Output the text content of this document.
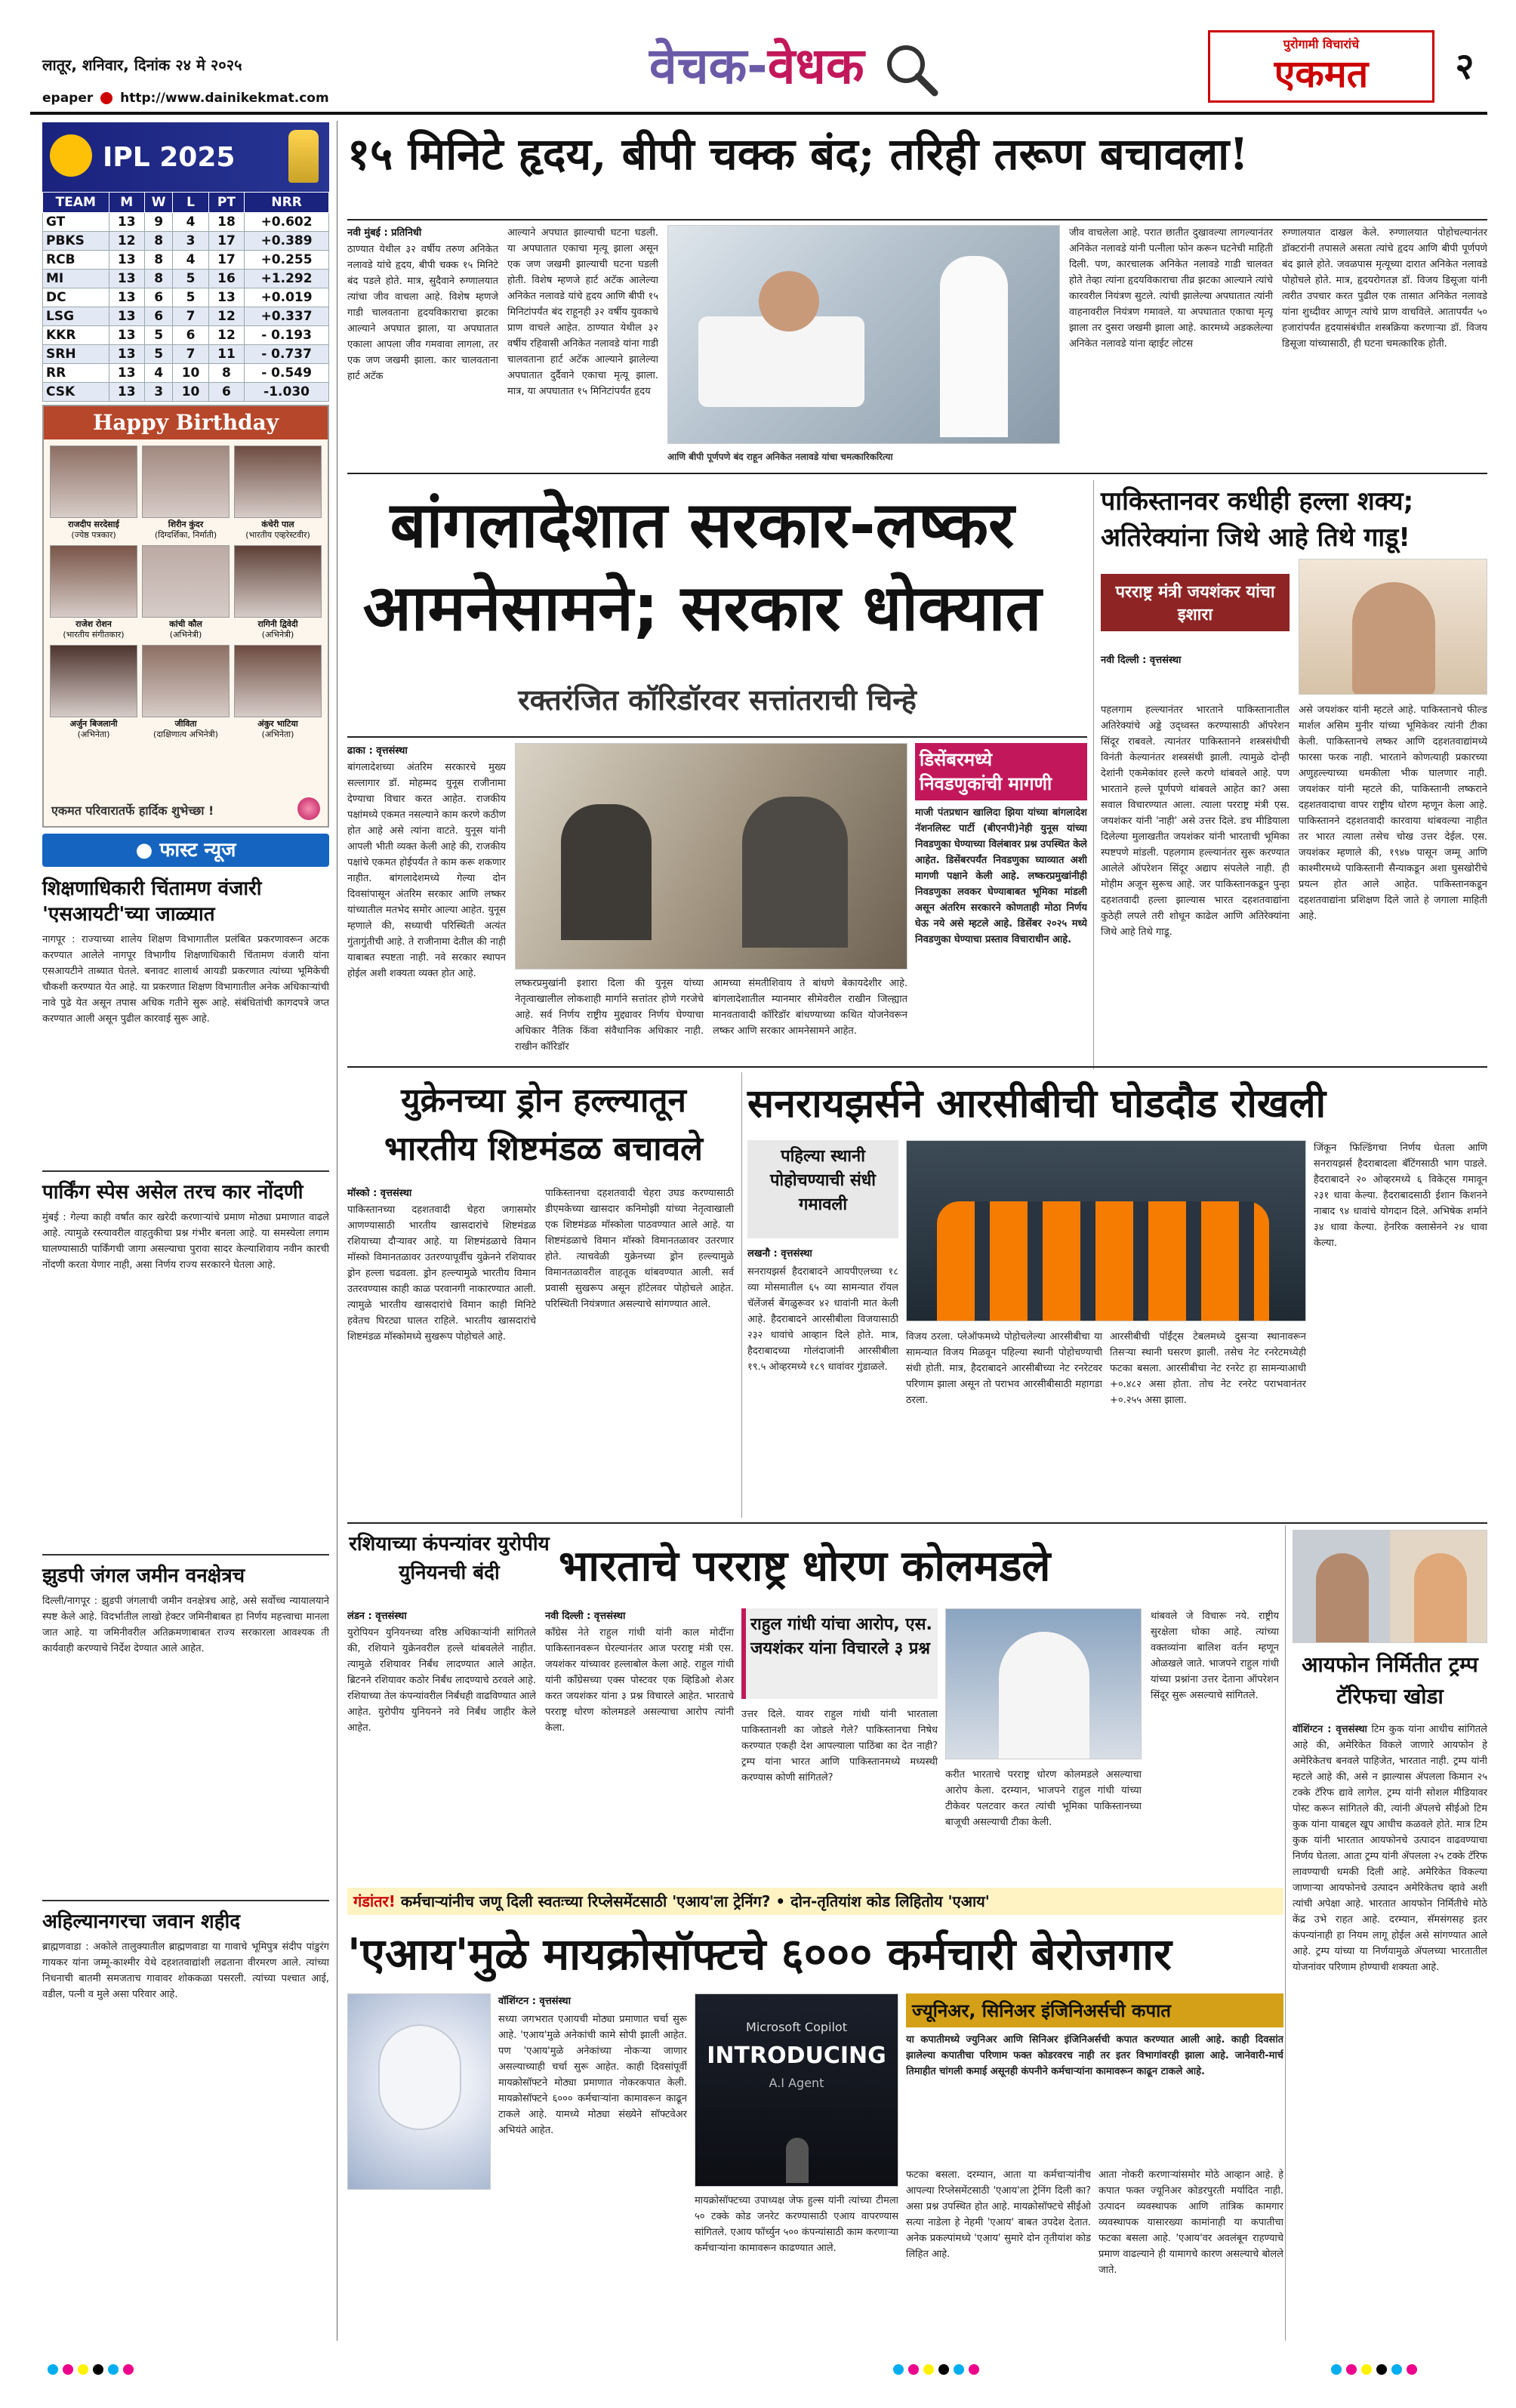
लातूर, शनिवार, दिनांक २४ मे २०२५
epaper http://www.dainikekmat.com
वेचक-वेधक	पुरोगामी विचारांचे
एकमत	२
IPL 2025
TEAM	M	W	L	PT	NRR
GT	13	9	4	18	+0.602
PBKS	12	8	3	17	+0.389
RCB	13	8	4	17	+0.255
MI	13	8	5	16	+1.292
DC	13	6	5	13	+0.019
LSG	13	6	7	12	+0.337
KKR	13	5	6	12	- 0.193
SRH	13	5	7	11	- 0.737
RR	13	4	10	8	- 0.549
CSK	13	3	10	6	-1.030
Happy Birthday
राजदीप सरदेसाई
(ज्येष्ठ पत्रकार)
शिरीन कुंदर
(दिग्दर्शिका, निर्माती)
कंचेरी पाल
(भारतीय एव्हरेस्टवीर)
राजेश रोशन
(भारतीय संगीतकार)
कांची कौल
(अभिनेत्री)
रागिनी द्विवेदी
(अभिनेत्री)
अर्जुन बिजलानी
(अभिनेता)
जीविता
(दाक्षिणात्य अभिनेत्री)
अंकुर भाटिया
(अभिनेता)
एकमत परिवारातर्फे हार्दिक शुभेच्छा !
● फास्ट न्यूज
शिक्षणाधिकारी चिंतामण वंजारी 'एसआयटी'च्या जाळ्यात
नागपूर : राज्याच्या शालेय शिक्षण विभागातील प्रलंबित प्रकरणावरून अटक करण्यात आलेले नागपूर विभागीय शिक्षणाधिकारी चिंतामण वंजारी यांना एसआयटीने ताब्यात घेतले. बनावट शालार्थ आयडी प्रकरणात त्यांच्या भूमिकेची चौकशी करण्यात येत आहे. या प्रकरणात शिक्षण विभागातील अनेक अधिकाऱ्यांची नावे पुढे येत असून तपास अधिक गतीने सुरू आहे. संबंधितांची कागदपत्रे जप्त करण्यात आली असून पुढील कारवाई सुरू आहे.
पार्किंग स्पेस असेल तरच कार नोंदणी
मुंबई : गेल्या काही वर्षांत कार खरेदी करणाऱ्यांचे प्रमाण मोठ्या प्रमाणात वाढले आहे. त्यामुळे रस्त्यावरील वाहतुकीचा प्रश्न गंभीर बनला आहे. या समस्येला लगाम घालण्यासाठी पार्किंगची जागा असल्याचा पुरावा सादर केल्याशिवाय नवीन कारची नोंदणी करता येणार नाही, असा निर्णय राज्य सरकारने घेतला आहे.
झुडपी जंगल जमीन वनक्षेत्रच
दिल्ली/नागपूर : झुडपी जंगलाची जमीन वनक्षेत्रच आहे, असे सर्वोच्च न्यायालयाने स्पष्ट केले आहे. विदर्भातील लाखो हेक्टर जमिनीबाबत हा निर्णय महत्त्वाचा मानला जात आहे. या जमिनीवरील अतिक्रमणाबाबत राज्य सरकारला आवश्यक ती कार्यवाही करण्याचे निर्देश देण्यात आले आहेत.
अहिल्यानगरचा जवान शहीद
ब्राह्मणवाडा : अकोले तालुक्यातील ब्राह्मणवाडा या गावाचे भूमिपुत्र संदीप पांडुरंग गायकर यांना जम्मू-काश्मीर येथे दहशतवाद्यांशी लढताना वीरमरण आले. त्यांच्या निधनाची बातमी समजताच गावावर शोककळा पसरली. त्यांच्या पश्चात आई, वडील, पत्नी व मुले असा परिवार आहे.
१५ मिनिटे हृदय, बीपी चक्क बंद; तरिही तरूण बचावला!
नवी मुंबई : प्रतिनिधी
ठाण्यात येथील ३२ वर्षीय तरुण अनिकेत नलावडे यांचे हृदय, बीपी चक्क १५ मिनिटे बंद पडले होते. मात्र, सुदैवाने रुग्णालयात त्यांचा जीव वाचला आहे. विशेष म्हणजे गाडी चालवताना हृदयविकाराचा झटका आल्याने अपघात झाला, या अपघातात एकाला आपला जीव गमवावा लागला, तर एक जण जखमी झाला. कार चालवताना हार्ट अटॅक
आल्याने अपघात झाल्याची घटना घडली. या अपघातात एकाचा मृत्यू झाला असून एक जण जखमी झाल्याची घटना घडली होती. विशेष म्हणजे हार्ट अटॅक आलेल्या अनिकेत नलावडे यांचे हृदय आणि बीपी १५ मिनिटांपर्यंत बंद राहूनही ३२ वर्षीय युवकाचे प्राण वाचले आहेत. ठाण्यात येथील ३२ वर्षीय रहिवासी अनिकेत नलावडे यांना गाडी चालवताना हार्ट अटॅक आल्याने झालेल्या अपघातात दुर्दैवाने एकाचा मृत्यू झाला. मात्र, या अपघातात १५ मिनिटांपर्यंत हृदय
आणि बीपी पूर्णपणे बंद राहून अनिकेत नलावडे यांचा चमत्कारिकरित्या
जीव वाचलेला आहे. परात छातीत दुखावल्या लागल्यानंतर अनिकेत नलावडे यांनी पत्नीला फोन करून घटनेची माहिती दिली. पण, कारचालक अनिकेत नलावडे गाडी चालवत होते तेव्हा त्यांना हृदयविकाराचा तीव्र झटका आल्याने त्यांचे कारवरील नियंत्रण सुटले. त्यांची झालेल्या अपघातात त्यांनी वाहनावरील नियंत्रण गमावले. या अपघातात एकाचा मृत्यू झाला तर दुसरा जखमी झाला आहे. कारमध्ये अडकलेल्या अनिकेत नलावडे यांना व्हाईट लोटस
रुग्णालयात दाखल केले. रुग्णालयात पोहोचल्यानंतर डॉक्टरांनी तपासले असता त्यांचे हृदय आणि बीपी पूर्णपणे बंद झाले होते. जवळपास मृत्यूच्या दारात अनिकेत नलावडे पोहोचले होते. मात्र, हृदयरोगतज्ञ डॉ. विजय डिसूजा यांनी त्वरीत उपचार करत पुढील एक तासात अनिकेत नलावडे यांना शुध्दीवर आणून त्यांचे प्राण वाचविले. आतापर्यंत ५० हजारांपर्यंत हृदयासंबंधीत शस्त्रक्रिया करणाऱ्या डॉ. विजय डिसूजा यांच्यासाठी, ही घटना चमत्कारिक होती.
बांगलादेशात सरकार-लष्कर
आमनेसामने; सरकार धोक्यात
रक्तरंजित कॉरिडॉरवर सत्तांतराची चिन्हे
ढाका : वृत्तसंस्था
बांगलादेशच्या अंतरिम सरकारचे मुख्य सल्लागार डॉ. मोहम्मद युनूस राजीनामा देण्याचा विचार करत आहेत. राजकीय पक्षांमध्ये एकमत नसल्याने काम करणे कठीण होत आहे असे त्यांना वाटते. युनूस यांनी आपली भीती व्यक्त केली आहे की, राजकीय पक्षांचे एकमत होईपर्यंत ते काम करू शकणार नाहीत. बांगलादेशमध्ये गेल्या दोन दिवसांपासून अंतरिम सरकार आणि लष्कर यांच्यातील मतभेद समोर आल्या आहेत. युनूस म्हणाले की, सध्याची परिस्थिती अत्यंत गुंतागुंतीची आहे. ते राजीनामा देतील की नाही याबाबत स्पष्टता नाही. नवे सरकार स्थापन होईल अशी शक्यता व्यक्त होत आहे.
लष्करप्रमुखांनी इशारा दिला की युनूस यांच्या नेतृत्वाखालील लोकशाही मार्गाने सत्तांतर होणे गरजेचे आहे. सर्व निर्णय राष्ट्रीय मुद्द्यावर निर्णय घेण्याचा अधिकार नैतिक किंवा संवैधानिक अधिकार नाही. राखीन कॉरिडॉर
आमच्या संमतीशिवाय ते बांधणे बेकायदेशीर आहे. बांगलादेशातील म्यानमार सीमेवरील राखीन जिल्ह्यात मानवतावादी कॉरिडॉर बांधण्याच्या कथित योजनेवरून लष्कर आणि सरकार आमनेसामने आहेत.
डिसेंबरमध्ये
निवडणुकांची मागणी
माजी पंतप्रधान खालिदा झिया यांच्या बांगलादेश नॅशनलिस्ट पार्टी (बीएनपी)नेही युनूस यांच्या निवडणुका घेण्याच्या विलंबावर प्रश्न उपस्थित केले आहेत. डिसेंबरपर्यंत निवडणुका घ्याव्यात अशी मागणी पक्षाने केली आहे. लष्करप्रमुखांनीही निवडणुका लवकर घेण्याबाबत भूमिका मांडली असून अंतरिम सरकारने कोणताही मोठा निर्णय घेऊ नये असे म्हटले आहे. डिसेंबर २०२५ मध्ये निवडणुका घेण्याचा प्रस्ताव विचाराधीन आहे.
पाकिस्तानवर कधीही हल्ला शक्य; अतिरेक्यांना जिथे आहे तिथे गाडू!
परराष्ट्र मंत्री जयशंकर यांचा इशारा
नवी दिल्ली : वृत्तसंस्था
पहलगाम हल्ल्यानंतर भारताने पाकिस्तानातील अतिरेक्यांचे अड्डे उद्ध्वस्त करण्यासाठी ऑपरेशन सिंदूर राबवले. त्यानंतर पाकिस्तानने शस्त्रसंधीची विनंती केल्यानंतर शस्त्रसंधी झाली. त्यामुळे दोन्ही देशांनी एकमेकांवर हल्ले करणे थांबवले आहे. पण भारताने हल्ले पूर्णपणे थांबवले आहेत का? असा सवाल विचारण्यात आला. त्याला परराष्ट्र मंत्री एस. जयशंकर यांनी 'नाही' असे उत्तर दिले. डच मीडियाला दिलेल्या मुलाखतीत जयशंकर यांनी भारताची भूमिका स्पष्टपणे मांडली. पहलगाम हल्ल्यानंतर सुरू करण्यात आलेले ऑपरेशन सिंदूर अद्याप संपलेले नाही. ही मोहीम अजून सुरूच आहे. जर पाकिस्तानकडून पुन्हा दहशतवादी हल्ला झाल्यास भारत दहशतवाद्यांना कुठेही लपले तरी शोधून काढेल आणि अतिरेक्यांना जिथे आहे तिथे गाडू.
असे जयशंकर यांनी म्हटले आहे. पाकिस्तानचे फील्ड मार्शल असिम मुनीर यांच्या भूमिकेवर त्यांनी टीका केली. पाकिस्तानचे लष्कर आणि दहशतवाद्यांमध्ये फारसा फरक नाही. भारताने कोणत्याही प्रकारच्या अणुहल्ल्याच्या धमकीला भीक घालणार नाही. जयशंकर यांनी म्हटले की, पाकिस्तानी लष्कराने दहशतवादाचा वापर राष्ट्रीय धोरण म्हणून केला आहे. पाकिस्तानने दहशतवादी कारवाया थांबवल्या नाहीत तर भारत त्याला तसेच चोख उत्तर देईल. एस. जयशंकर म्हणाले की, १९४७ पासून जम्मू आणि काश्मीरमध्ये पाकिस्तानी सैन्याकडून अशा घुसखोरीचे प्रयत्न होत आले आहेत. पाकिस्तानकडून दहशतवाद्यांना प्रशिक्षण दिले जाते हे जगाला माहिती आहे.
युक्रेनच्या ड्रोन हल्ल्यातून
भारतीय शिष्टमंडळ बचावले
मॉस्को : वृत्तसंस्था
पाकिस्तानच्या दहशतवादी चेहरा जगासमोर आणण्यासाठी भारतीय खासदारांचे शिष्टमंडळ रशियाच्या दौऱ्यावर आहे. या शिष्टमंडळाचे विमान मॉस्को विमानतळावर उतरण्यापूर्वीच युक्रेनने रशियावर ड्रोन हल्ला चढवला. ड्रोन हल्ल्यामुळे भारतीय विमान उतरवण्यास काही काळ परवानगी नाकारण्यात आली. त्यामुळे भारतीय खासदारांचे विमान काही मिनिटे हवेतच घिरट्या घालत राहिले. भारतीय खासदारांचे शिष्टमंडळ मॉस्कोमध्ये सुखरूप पोहोचले आहे.
पाकिस्तानचा दहशतवादी चेहरा उघड करण्यासाठी डीएमकेच्या खासदार कनिमोझी यांच्या नेतृत्वाखाली एक शिष्टमंडळ मॉस्कोला पाठवण्यात आले आहे. या शिष्टमंडळाचे विमान मॉस्को विमानतळावर उतरणार होते. त्याचवेळी युक्रेनच्या ड्रोन हल्ल्यामुळे विमानतळावरील वाहतूक थांबवण्यात आली. सर्व प्रवासी सुखरूप असून हॉटेलवर पोहोचले आहेत. परिस्थिती नियंत्रणात असल्याचे सांगण्यात आले.
सनरायझर्सने आरसीबीची घोडदौड रोखली
पहिल्या स्थानी पोहोचण्याची संधी गमावली
लखनौ : वृत्तसंस्था
सनरायझर्स हैदराबादने आयपीएलच्या १८ व्या मोसमातील ६५ व्या सामन्यात रॉयल चॅलेंजर्स बेंगळुरूवर ४२ धावांनी मात केली आहे. हैदराबादने आरसीबीला विजयासाठी २३२ धावांचे आव्हान दिले होते. मात्र, हैदराबादच्या गोलंदाजांनी आरसीबीला १९.५ ओव्हरमध्ये १८९ धावांवर गुंडाळले.
विजय ठरला. प्लेऑफमध्ये पोहोचलेल्या आरसीबीचा या सामन्यात विजय मिळवून पहिल्या स्थानी पोहोचण्याची संधी होती. मात्र, हैदराबादने आरसीबीच्या नेट रनरेटवर परिणाम झाला असून तो पराभव आरसीबीसाठी महागडा ठरला.
आरसीबीची पॉईंट्स टेबलमध्ये दुसऱ्या स्थानावरून तिसऱ्या स्थानी घसरण झाली. तसेच नेट रनरेटमध्येही फटका बसला. आरसीबीचा नेट रनरेट हा सामन्याआधी +०.४८२ असा होता. तोच नेट रनरेट पराभवानंतर +०.२५५ असा झाला.
जिंकून फिल्डिंगचा निर्णय घेतला आणि सनरायझर्स हैदराबादला बॅटिंगसाठी भाग पाडले. हैदराबादने २० ओव्हरमध्ये ६ विकेट्स गमावून २३१ धावा केल्या. हैदराबादसाठी ईशान किशनने नाबाद ९४ धावांचे योगदान दिले. अभिषेक शर्माने ३४ धावा केल्या. हेनरिक क्लासेनने २४ धावा केल्या.
रशियाच्या कंपन्यांवर युरोपीय युनियनची बंदी
लंडन : वृत्तसंस्था
युरोपियन युनियनच्या वरिष्ठ अधिकाऱ्यांनी सांगितले की, रशियाने युक्रेनवरील हल्ले थांबवलेले नाहीत. त्यामुळे रशियावर निर्बंध लादण्यात आले आहेत. ब्रिटनने रशियावर कठोर निर्बंध लादण्याचे ठरवले आहे. रशियाच्या तेल कंपन्यांवरील निर्बंधही वाढविण्यात आले आहेत. युरोपीय युनियनने नवे निर्बंध जाहीर केले आहेत.
भारताचे परराष्ट्र धोरण कोलमडले
नवी दिल्ली : वृत्तसंस्था
काँग्रेस नेते राहुल गांधी यांनी काल मोदींना पाकिस्तानवरून घेरल्यानंतर आज परराष्ट्र मंत्री एस. जयशंकर यांच्यावर हल्लाबोल केला आहे. राहुल गांधी यांनी काँग्रेसच्या एक्स पोस्टवर एक व्हिडिओ शेअर करत जयशंकर यांना ३ प्रश्न विचारले आहेत. भारताचे परराष्ट्र धोरण कोलमडले असल्याचा आरोप त्यांनी केला.
राहुल गांधी यांचा आरोप, एस. जयशंकर यांना विचारले ३ प्रश्न
उत्तर दिले. यावर राहुल गांधी यांनी भारताला पाकिस्तानशी का जोडले गेले? पाकिस्तानचा निषेध करण्यात एकही देश आपल्याला पाठिंबा का देत नाही? ट्रम्प यांना भारत आणि पाकिस्तानमध्ये मध्यस्थी करण्यास कोणी सांगितले?	करीत भारताचे परराष्ट्र धोरण कोलमडले असल्याचा आरोप केला. दरम्यान, भाजपने राहुल गांधी यांच्या टीकेवर पलटवार करत त्यांची भूमिका पाकिस्तानच्या बाजूची असल्याची टीका केली.
थांबवले जे विचारू नये. राष्ट्रीय सुरक्षेला धोका आहे. त्यांच्या वक्तव्यांना बालिश वर्तन म्हणून ओळखले जाते. भाजपने राहुल गांधी यांच्या प्रश्नांना उत्तर देताना ऑपरेशन सिंदूर सुरू असल्याचे सांगितले.
आयफोन निर्मितीत ट्रम्प टॅरिफचा खोडा
वॉशिंग्टन : वृत्तसंस्था टिम कुक यांना आधीच सांगितले आहे की, अमेरिकेत विकले जाणारे आयफोन हे अमेरिकेतच बनवले पाहिजेत, भारतात नाही. ट्रम्प यांनी म्हटले आहे की, असे न झाल्यास ॲपलला किमान २५ टक्के टॅरिफ द्यावे लागेल. ट्रम्प यांनी सोशल मीडियावर पोस्ट करून सांगितले की, त्यांनी ॲपलचे सीईओ टिम कुक यांना याबद्दल खूप आधीच कळवले होते. मात्र टिम कुक यांनी भारतात आयफोनचे उत्पादन वाढवण्याचा निर्णय घेतला. आता ट्रम्प यांनी ॲपलला २५ टक्के टॅरिफ लावण्याची धमकी दिली आहे. अमेरिकेत विकल्या जाणाऱ्या आयफोनचे उत्पादन अमेरिकेतच व्हावे अशी त्यांची अपेक्षा आहे. भारतात आयफोन निर्मितीचे मोठे केंद्र उभे राहत आहे. दरम्यान, सॅमसंगसह इतर कंपन्यांनाही हा नियम लागू होईल असे सांगण्यात आले आहे. ट्रम्प यांच्या या निर्णयामुळे ॲपलच्या भारतातील योजनांवर परिणाम होण्याची शक्यता आहे.
गंडांतर! कर्मचाऱ्यांनीच जणू दिली स्वतःच्या रिप्लेसमेंटसाठी 'एआय'ला ट्रेनिंग? • दोन-तृतियांश कोड लिहितोय 'एआय'
'एआय'मुळे मायक्रोसॉफ्टचे ६००० कर्मचारी बेरोजगार
वॉशिंग्टन : वृत्तसंस्था
सध्या जगभरात एआयची मोठ्या प्रमाणात चर्चा सुरू आहे. 'एआय'मुळे अनेकांची कामे सोपी झाली आहेत. पण 'एआय'मुळे अनेकांच्या नोकऱ्या जाणार असल्याच्याही चर्चा सुरू आहेत. काही दिवसांपूर्वी मायक्रोसॉफ्टने मोठ्या प्रमाणात नोकरकपात केली. मायक्रोसॉफ्टने ६००० कर्मचाऱ्यांना कामावरून काढून टाकले आहे. यामध्ये मोठ्या संख्येने सॉफ्टवेअर अभियंते आहेत.
Microsoft Copilot
INTRODUCING
A.I Agent
मायक्रोसॉफ्टच्या उपाध्यक्ष जेफ हुल्स यांनी त्यांच्या टीमला ५० टक्के कोड जनरेट करण्यासाठी एआय वापरण्यास सांगितले. एआय फॉर्च्युन ५०० कंपन्यांसाठी काम करणाऱ्या कर्मचाऱ्यांना कामावरून काढण्यात आले.
ज्यूनिअर, सिनिअर इंजिनिअर्सची कपात
या कपातीमध्ये ज्युनिअर आणि सिनिअर इंजिनिअर्सची कपात करण्यात आली आहे. काही दिवसांत झालेल्या कपातीचा परिणाम फक्त कोडरवरच नाही तर इतर विभागांवरही झाला आहे. जानेवारी-मार्च तिमाहीत चांगली कमाई असूनही कंपनीने कर्मचाऱ्यांना कामावरून काढून टाकले आहे.
फटका बसला. दरम्यान, आता या कर्मचाऱ्यांनीच आपल्या रिप्लेसमेंटसाठी 'एआय'ला ट्रेनिंग दिली का? असा प्रश्न उपस्थित होत आहे. मायक्रोसॉफ्टचे सीईओ सत्या नाडेला हे नेहमी 'एआय' बाबत उपदेश देतात. अनेक प्रकल्पांमध्ये 'एआय' सुमारे दोन तृतीयांश कोड लिहित आहे.
आता नोकरी करणाऱ्यांसमोर मोठे आव्हान आहे. हे कपात फक्त ज्यूनिअर कोडरपुरती मर्यादित नाही. उत्पादन व्यवस्थापक आणि तांत्रिक कामगार व्यवस्थापक यासारख्या कामांनाही या कपातीचा फटका बसला आहे. 'एआय'वर अवलंबून राहण्याचे प्रमाण वाढल्याने ही यामागचे कारण असल्याचे बोलले जाते.
